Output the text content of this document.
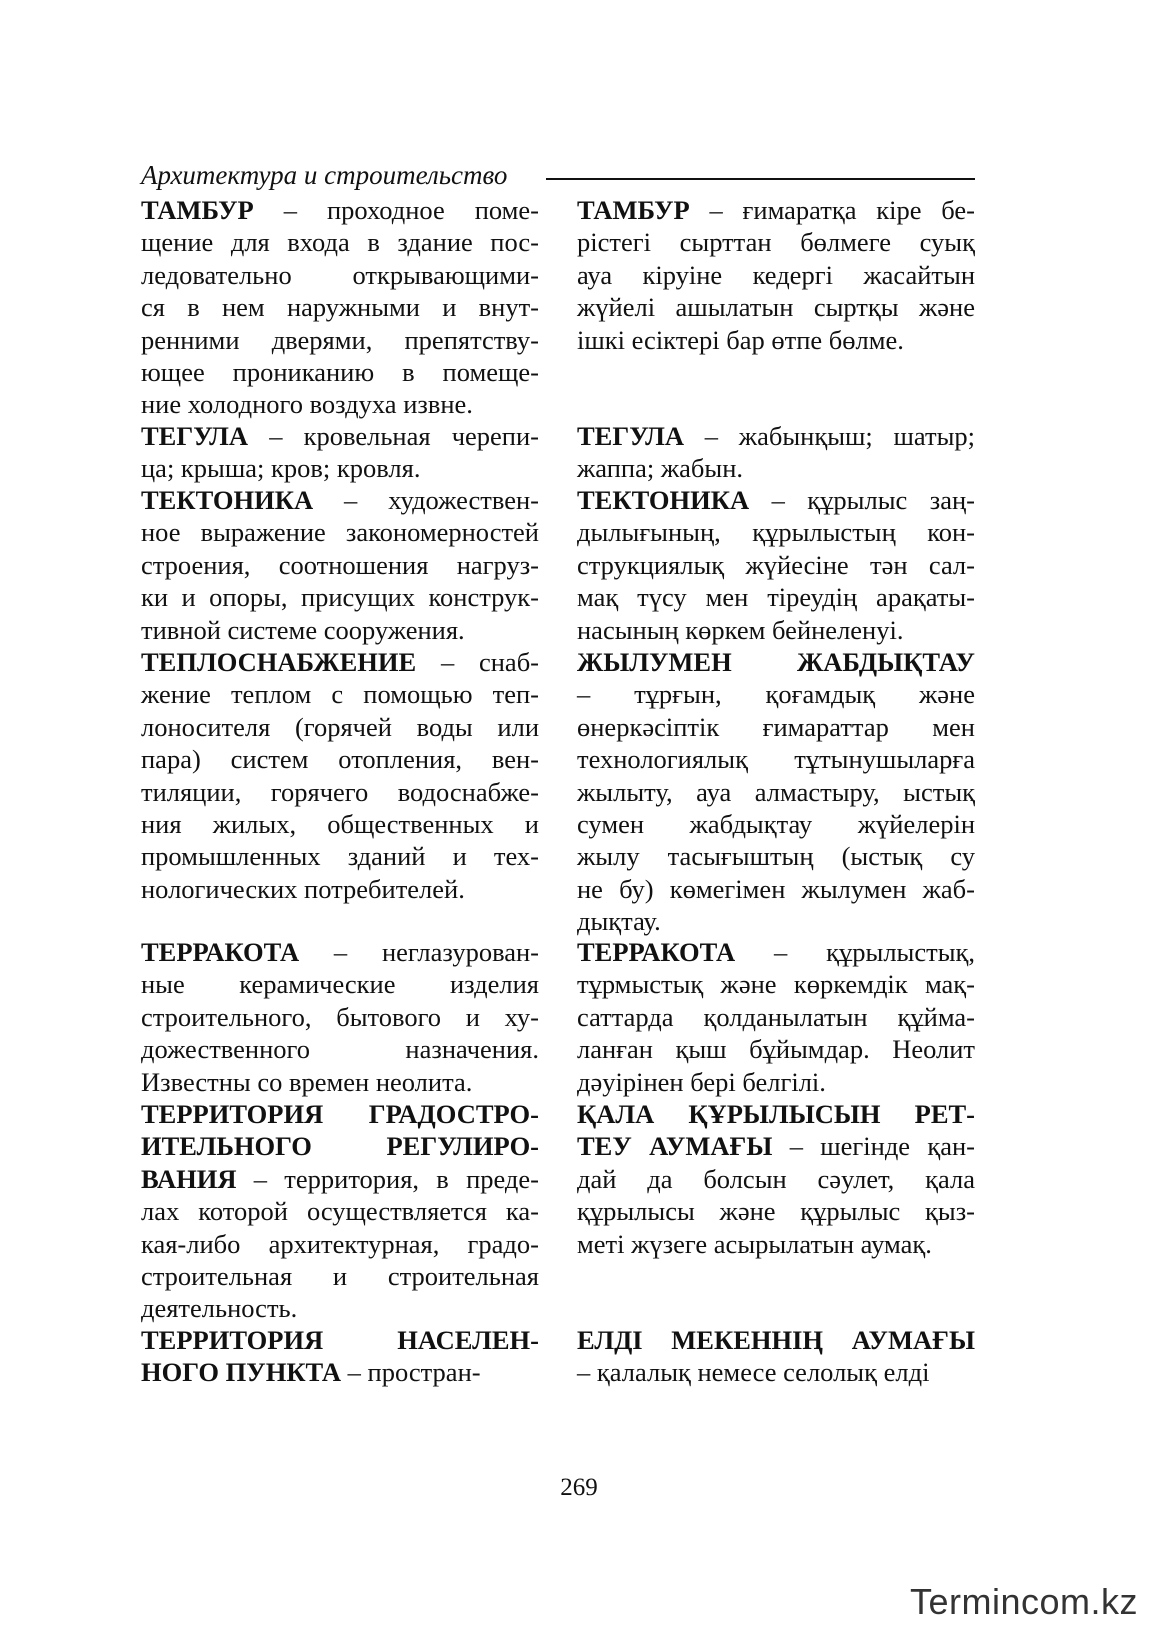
Архитектура и строительство

ТАМБУР – проходное поме-
щение для входа в здание пос-
ледовательно открывающими-
ся в нем наружными и внут-
ренними дверями, препятству-
ющее прониканию в помеще-
ние холодного воздуха извне.

ТЕГУЛА – кровельная черепи-
ца; крыша; кров; кровля.

ТЕКТОНИКА – художествен-
ное выражение закономерностей
строения, соотношения нагруз-
ки и опоры, присущих конструк-
тивной системе сооружения.

ТЕПЛОСНАБЖЕНИЕ – снаб-
жение теплом с помощью теп-
лоносителя (горячей воды или
пара) систем отопления, вен-
тиляции, горячего водоснабже-
ния жилых, общественных и
промышленных зданий и тех-
нологических потребителей.

ТЕРРАКОТА – неглазурован-
ные керамические изделия
строительного, бытового и ху-
дожественного назначения.
Известны со времен неолита.

ТЕРРИТОРИЯ ГРАДОСТРО-
ИТЕЛЬНОГО РЕГУЛИРО-
ВАНИЯ – территория, в преде-
лах которой осуществляется ка-
кая-либо архитектурная, градо-
строительная и строительная
деятельность.

ТЕРРИТОРИЯ НАСЕЛЕН-
НОГО ПУНКТА – простран-

ТАМБУР – ғимаратқа кіре бе-
рістегі сырттан бөлмеге суық
ауа кіруіне кедергі жасайтын
жүйелі ашылатын сыртқы және
ішкі есіктері бар өтпе бөлме.

ТЕГУЛА – жабынқыш; шатыр;
жаппа; жабын.

ТЕКТОНИКА – құрылыс заң-
дылығының, құрылыстың кон-
струкциялық жүйесіне тән сал-
мақ түсу мен тіреудің арақаты-
насының көркем бейнеленуі.

ЖЫЛУМЕН ЖАБДЫҚТАУ
– тұрғын, қоғамдық және
өнеркәсіптік ғимараттар мен
технологиялық тұтынушыларға
жылыту, ауа алмастыру, ыстық
сумен жабдықтау жүйелерін
жылу тасығыштың (ыстық су
не бу) көмегімен жылумен жаб-
дықтау.

ТЕРРАКОТА – құрылыстық,
тұрмыстық және көркемдік мақ-
саттарда қолданылатын құйма-
ланған қыш бұйымдар. Неолит
дәуірінен бері белгілі.

ҚАЛА ҚҰРЫЛЫСЫН РЕТ-
ТЕУ АУМАҒЫ – шегінде қан-
дай да болсын сәулет, қала
құрылысы және құрылыс қыз-
меті жүзеге асырылатын аумақ.

ЕЛДІ МЕКЕННІҢ АУМАҒЫ
– қалалық немесе селолық елді

269
Termincom.kz
